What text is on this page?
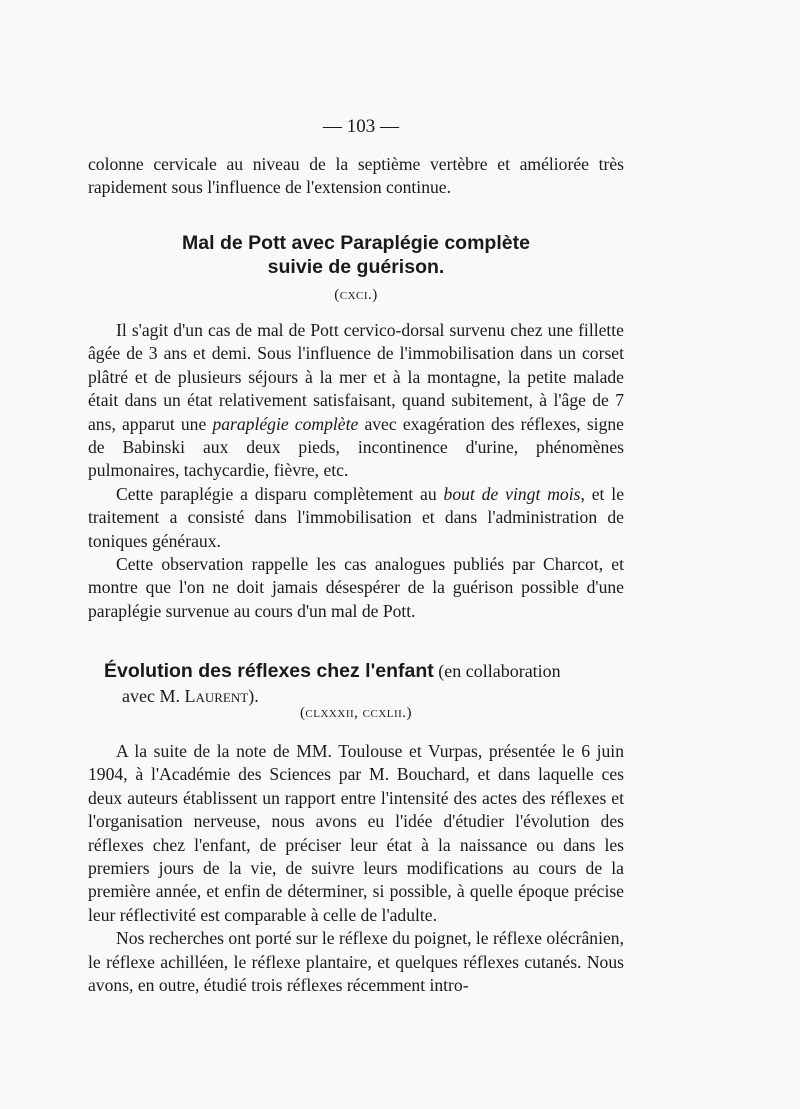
— 103 —

colonne cervicale au niveau de la septième vertèbre et améliorée très rapidement sous l'influence de l'extension continue.

Mal de Pott avec Paraplégie complète
suivie de guérison.
(cxci.)

Il s'agit d'un cas de mal de Pott cervico-dorsal survenu chez une fillette âgée de 3 ans et demi. Sous l'influence de l'immobilisation dans un corset plâtré et de plusieurs séjours à la mer et à la montagne, la petite malade était dans un état relativement satisfaisant, quand subitement, à l'âge de 7 ans, apparut une paraplégie complète avec exagération des réflexes, signe de Babinski aux deux pieds, incontinence d'urine, phénomènes pulmonaires, tachycardie, fièvre, etc.

Cette paraplégie a disparu complètement au bout de vingt mois, et le traitement a consisté dans l'immobilisation et dans l'administration de toniques généraux.

Cette observation rappelle les cas analogues publiés par Charcot, et montre que l'on ne doit jamais désespérer de la guérison possible d'une paraplégie survenue au cours d'un mal de Pott.

Évolution des réflexes chez l'enfant (en collaboration
avec M. Laurent).
(clxxxii, ccxlii.)

A la suite de la note de MM. Toulouse et Vurpas, présentée le 6 juin 1904, à l'Académie des Sciences par M. Bouchard, et dans laquelle ces deux auteurs établissent un rapport entre l'intensité des actes des réflexes et l'organisation nerveuse, nous avons eu l'idée d'étudier l'évolution des réflexes chez l'enfant, de préciser leur état à la naissance ou dans les premiers jours de la vie, de suivre leurs modifications au cours de la première année, et enfin de déterminer, si possible, à quelle époque précise leur réflectivité est comparable à celle de l'adulte.

Nos recherches ont porté sur le réflexe du poignet, le réflexe olécrânien, le réflexe achilléen, le réflexe plantaire, et quelques réflexes cutanés. Nous avons, en outre, étudié trois réflexes récemment intro-
